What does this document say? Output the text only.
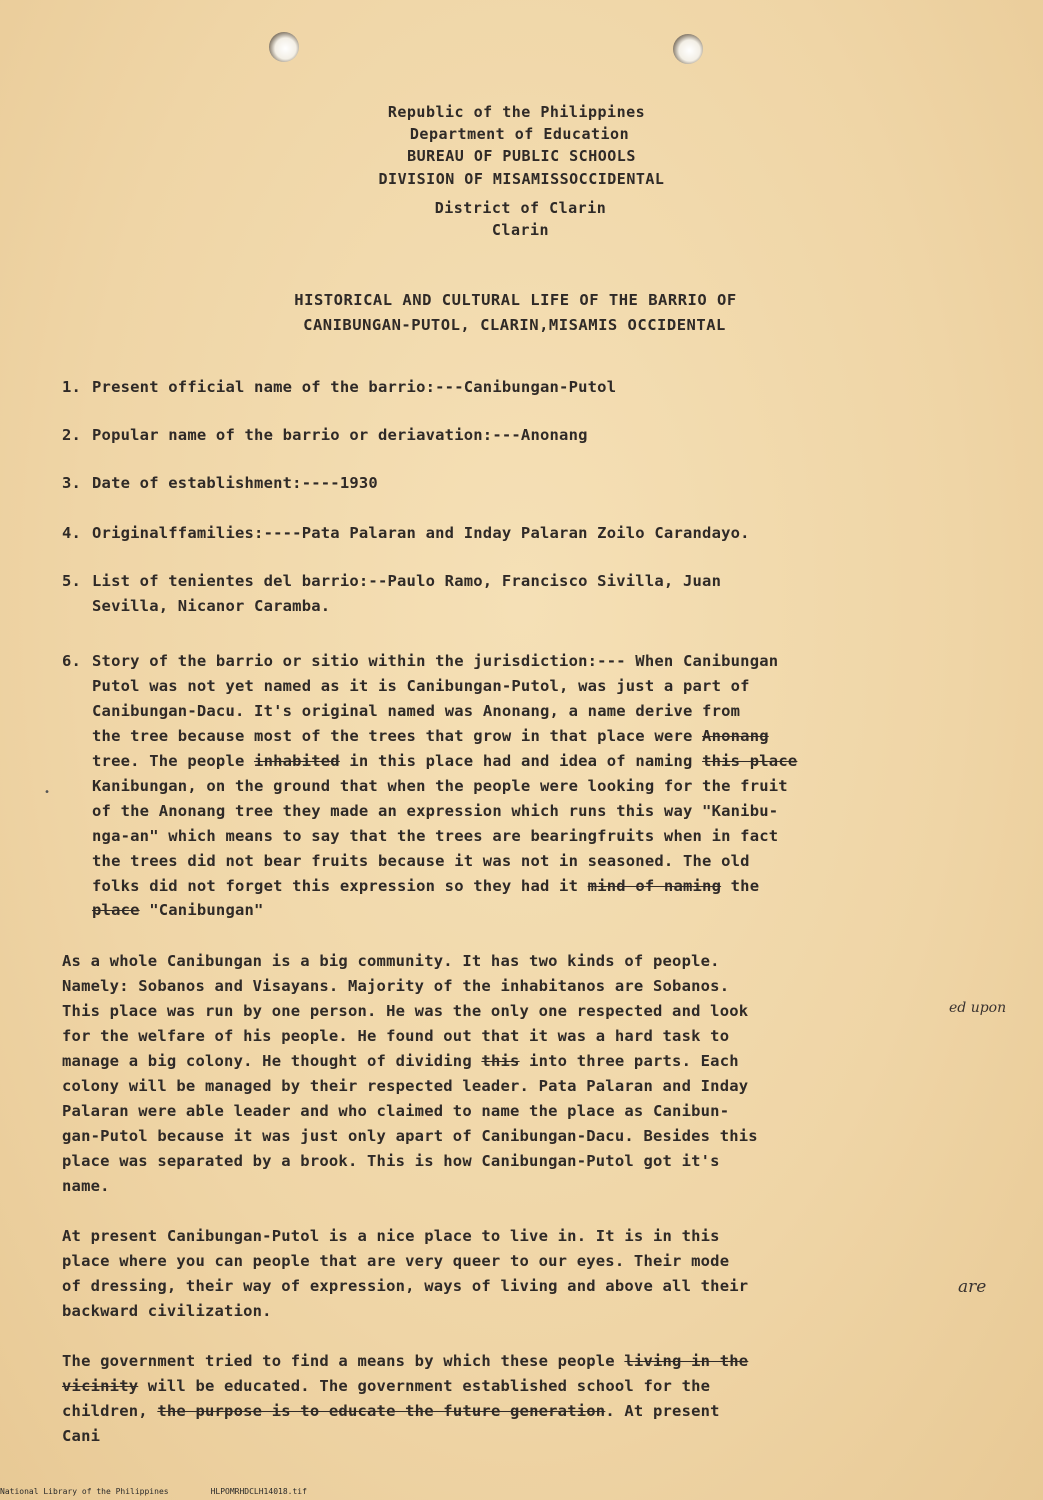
Republic of the Philippines
Department of Education
BUREAU OF PUBLIC SCHOOLS
DIVISION OF MISAMISSOCCIDENTAL
District of Clarin
Clarin
HISTORICAL AND CULTURAL LIFE OF THE BARRIO OF
CANIBUNGAN-PUTOL, CLARIN,MISAMIS OCCIDENTAL
1. Present official name of the barrio:---Canibungan-Putol
2. Popular name of the barrio or deriavation:---Anonang
3. Date of establishment:----1930
4. Originalffamilies:----Pata Palaran and Inday Palaran Zoilo Carandayo.
5. List of tenientes del barrio:--Paulo Ramo, Francisco Sivilla, Juan
Sevilla, Nicanor Caramba.
6. Story of the barrio or sitio within the jurisdiction:--- When Canibungan
Putol was not yet named as it is Canibungan-Putol, was just a part of
Canibungan-Dacu. It's original named was Anonang, a name derive from
the tree because most of the trees that grow in that place were Anonang
tree. The people inhabited in this place had and idea of naming this place
Kanibungan, on the ground that when the people were looking for the fruit
of the Anonang tree they made an expression which runs this way "Kanibu-
nga-an" which means to say that the trees are bearingfruits when in fact
the trees did not bear fruits because it was not in seasoned. The old
folks did not forget this expression so they had it mind of naming the
place "Canibungan"
•
As a whole Canibungan is a big community. It has two kinds of people.
Namely: Sobanos and Visayans. Majority of the inhabitanos are Sobanos.
This place was run by one person. He was the only one respected and look	ed upon
for the welfare of his people. He found out that it was a hard task to
manage a big colony. He thought of dividing this into three parts. Each
colony will be managed by their respected leader. Pata Palaran and Inday
Palaran were able leader and who claimed to name the place as Canibun-
gan-Putol because it was just only apart of Canibungan-Dacu. Besides this
place was separated by a brook. This is how Canibungan-Putol got it's
name.
At present Canibungan-Putol is a nice place to live in. It is in this
place where you can people that are very queer to our eyes. Their mode
of dressing, their way of expression, ways of living and above all their	are
backward civilization.
The government tried to find a means by which these people living in the
vicinity will be educated. The government established school for the
children, the purpose is to educate the future generation. At present
Cani
National Library of the Philippines	HLPOMRHDCLH14018.tif
